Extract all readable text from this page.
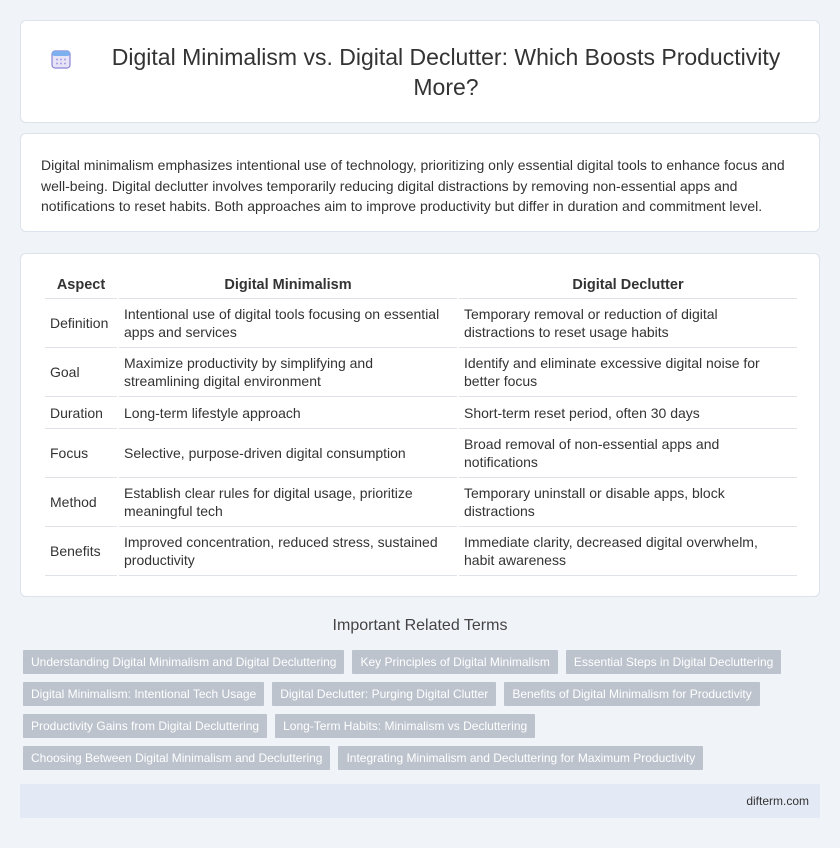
Digital Minimalism vs. Digital Declutter: Which Boosts Productivity More?

Digital minimalism emphasizes intentional use of technology, prioritizing only essential digital tools to enhance focus and well-being. Digital declutter involves temporarily reducing digital distractions by removing non-essential apps and notifications to reset habits. Both approaches aim to improve productivity but differ in duration and commitment level.

Aspect	Digital Minimalism	Digital Declutter
Definition	Intentional use of digital tools focusing on essential apps and services	Temporary removal or reduction of digital distractions to reset usage habits
Goal	Maximize productivity by simplifying and streamlining digital environment	Identify and eliminate excessive digital noise for better focus
Duration	Long-term lifestyle approach	Short-term reset period, often 30 days
Focus	Selective, purpose-driven digital consumption	Broad removal of non-essential apps and notifications
Method	Establish clear rules for digital usage, prioritize meaningful tech	Temporary uninstall or disable apps, block distractions
Benefits	Improved concentration, reduced stress, sustained productivity	Immediate clarity, decreased digital overwhelm, habit awareness
Important Related Terms
Understanding Digital Minimalism and Digital Decluttering	Key Principles of Digital Minimalism	Essential Steps in Digital Decluttering
Digital Minimalism: Intentional Tech Usage	Digital Declutter: Purging Digital Clutter	Benefits of Digital Minimalism for Productivity
Productivity Gains from Digital Decluttering	Long-Term Habits: Minimalism vs Decluttering
Choosing Between Digital Minimalism and Decluttering	Integrating Minimalism and Decluttering for Maximum Productivity
difterm.com
